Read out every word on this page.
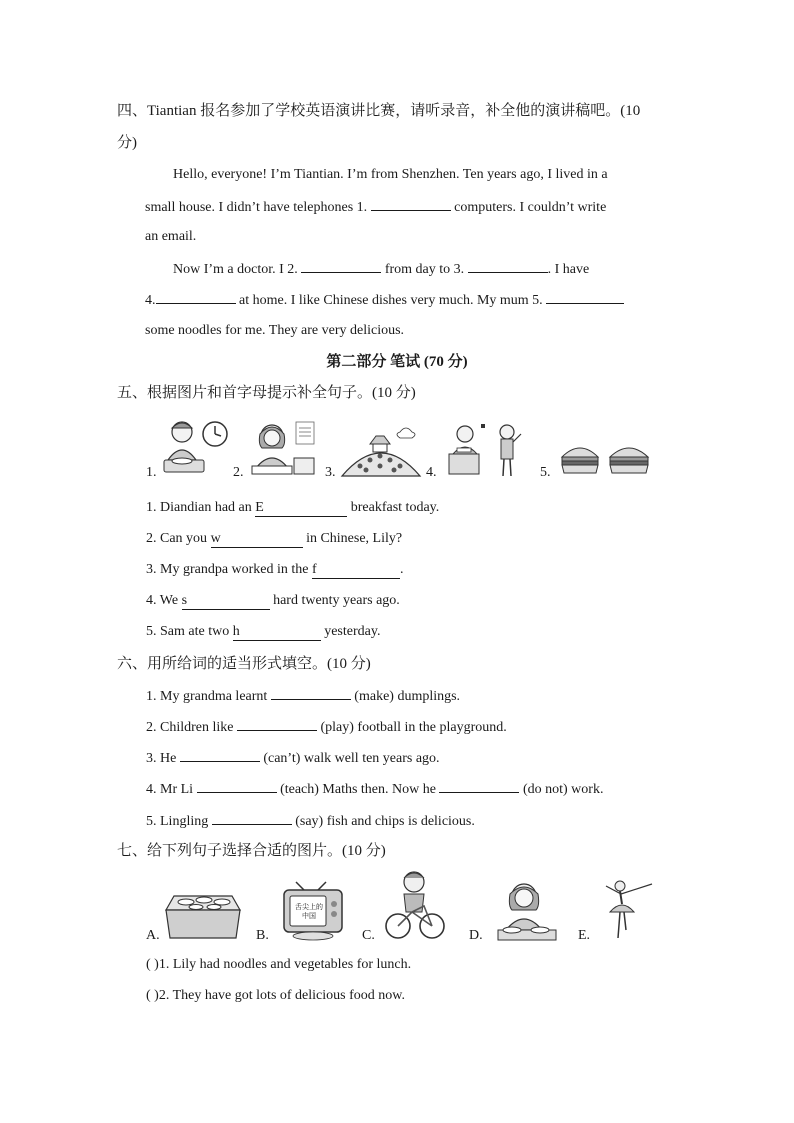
四、Tiantian 报名参加了学校英语演讲比赛，请听录音，补全他的演讲稿吧。(10
分)
Hello, everyone! I’m Tiantian. I’m from Shenzhen. Ten years ago, I lived in a
small house. I didn’t have telephones 1.	computers. I couldn’t write
an email.
Now I’m a doctor. I 2.	from day to 3.	. I have
4.	at home. I like Chinese dishes very much. My mum 5.
some noodles for me. They are very delicious.
第二部分 笔试 (70 分)
五、根据图片和首字母提示补全句子。(10 分)
1.	2.	3.	4.	5.
1. Diandian had an E	breakfast today.
2. Can you w	in Chinese, Lily?
3. My grandpa worked in the f	.
4. We s	hard twenty years ago.
5. Sam ate two h	yesterday.
六、用所给词的适当形式填空。(10 分)
1. My grandma learnt	(make) dumplings.
2. Children like	(play) football in the playground.
3. He	(can’t) walk well ten years ago.
4. Mr Li	(teach) Maths then. Now he	(do not) work.
5. Lingling	(say) fish and chips is delicious.
七、给下列句子选择合适的图片。(10 分)
A.	B.
舌尖上的中国
C.	D.	E.
( )1. Lily had noodles and vegetables for lunch.
( )2. They have got lots of delicious food now.
